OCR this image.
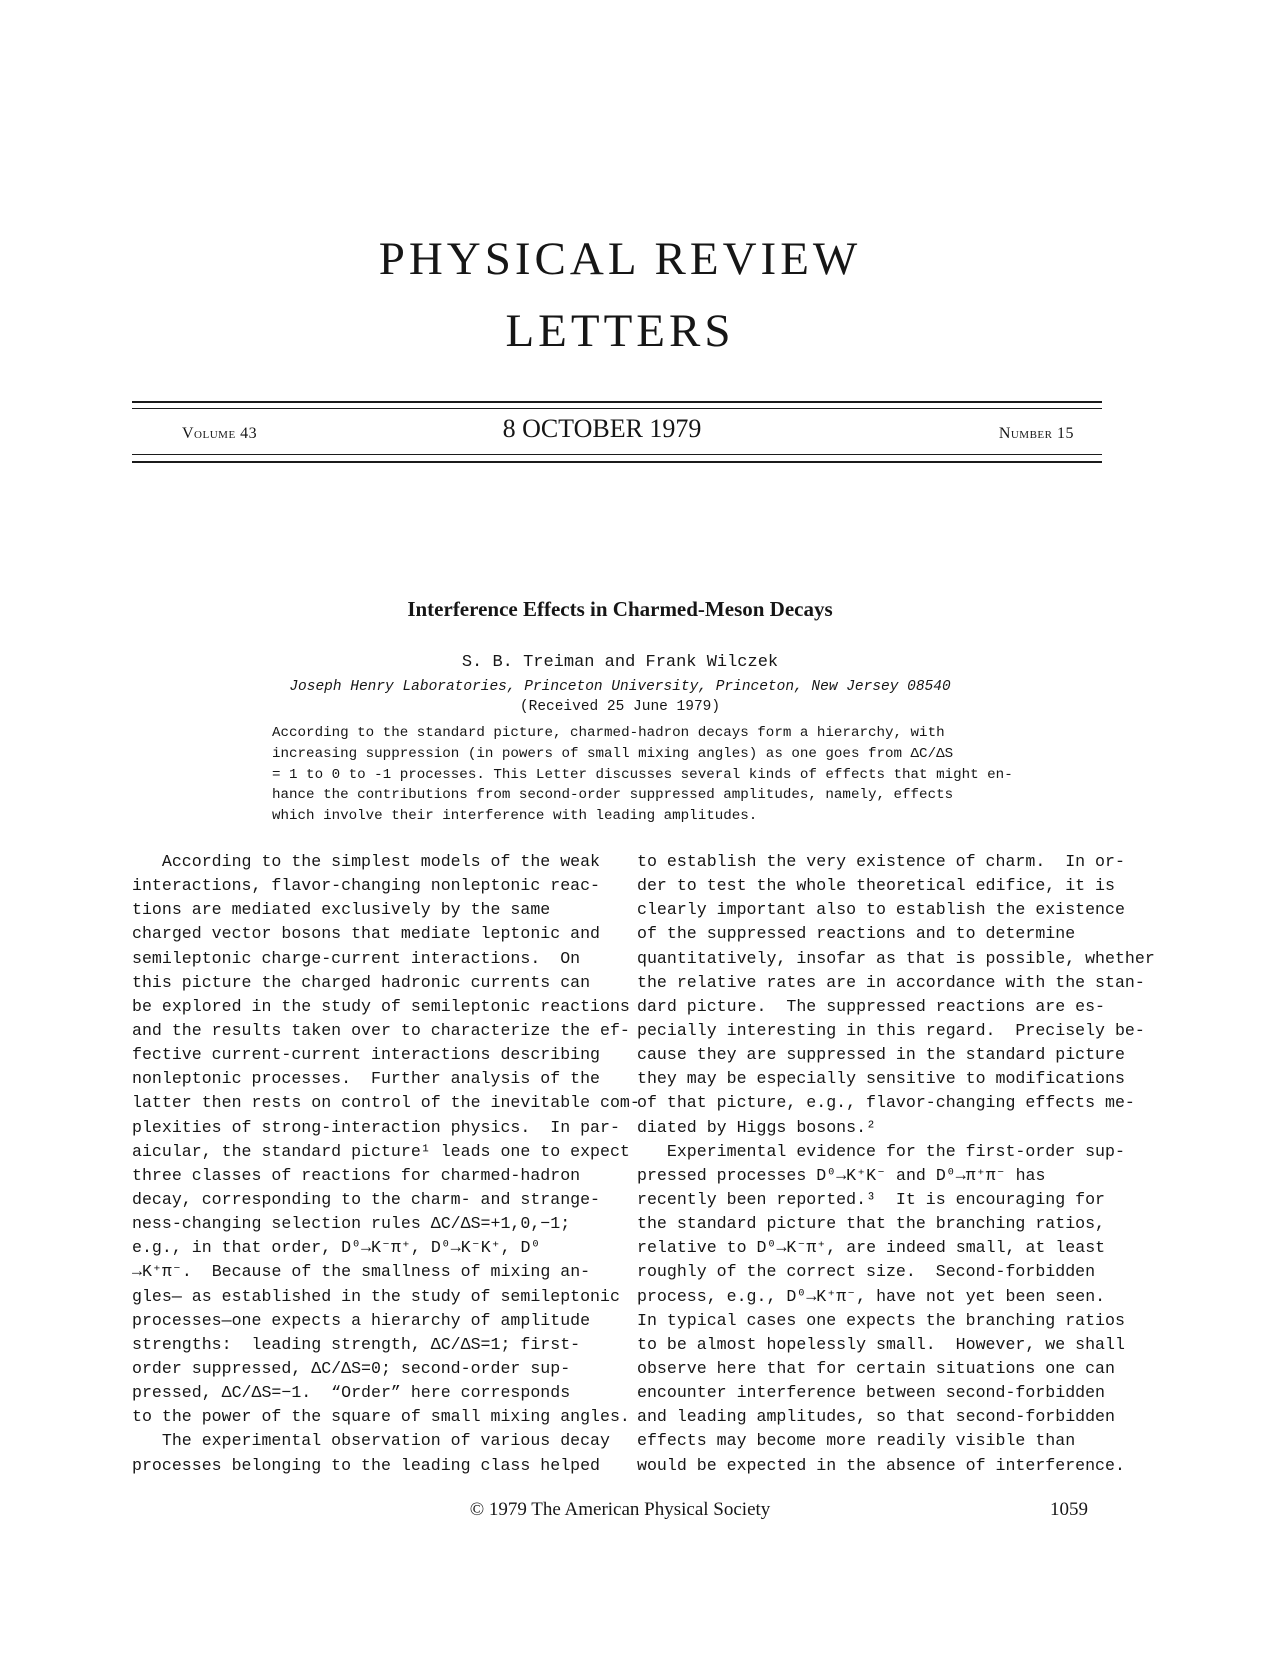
PHYSICAL REVIEW
LETTERS
Volume 43	8 OCTOBER 1979	Number 15
Interference Effects in Charmed-Meson Decays
S. B. Treiman and Frank Wilczek
Joseph Henry Laboratories, Princeton University, Princeton, New Jersey 08540
(Received 25 June 1979)
According to the standard picture, charmed-hadron decays form a hierarchy, with
increasing suppression (in powers of small mixing angles) as one goes from ΔC/ΔS
= 1 to 0 to -1 processes. This Letter discusses several kinds of effects that might en-
hance the contributions from second-order suppressed amplitudes, namely, effects
which involve their interference with leading amplitudes.
According to the simplest models of the weak
interactions, flavor-changing nonleptonic reac-
tions are mediated exclusively by the same
charged vector bosons that mediate leptonic and
semileptonic charge-current interactions.  On
this picture the charged hadronic currents can
be explored in the study of semileptonic reactions
and the results taken over to characterize the ef-
fective current-current interactions describing
nonleptonic processes.  Further analysis of the
latter then rests on control of the inevitable com-
plexities of strong-interaction physics.  In par-
aicular, the standard picture¹ leads one to expect
three classes of reactions for charmed-hadron
decay, corresponding to the charm- and strange-
ness-changing selection rules ΔC/ΔS=+1,0,−1;
e.g., in that order, D⁰→K⁻π⁺, D⁰→K⁻K⁺, D⁰
→K⁺π⁻.  Because of the smallness of mixing an-
gles— as established in the study of semileptonic
processes—one expects a hierarchy of amplitude
strengths:  leading strength, ΔC/ΔS=1; first-
order suppressed, ΔC/ΔS=0; second-order sup-
pressed, ΔC/ΔS=−1.  “Order” here corresponds
to the power of the square of small mixing angles.
The experimental observation of various decay
processes belonging to the leading class helped
to establish the very existence of charm.  In or-
der to test the whole theoretical edifice, it is
clearly important also to establish the existence
of the suppressed reactions and to determine
quantitatively, insofar as that is possible, whether
the relative rates are in accordance with the stan-
dard picture.  The suppressed reactions are es-
pecially interesting in this regard.  Precisely be-
cause they are suppressed in the standard picture
they may be especially sensitive to modifications
of that picture, e.g., flavor-changing effects me-
diated by Higgs bosons.²
Experimental evidence for the first-order sup-
pressed processes D⁰→K⁺K⁻ and D⁰→π⁺π⁻ has
recently been reported.³  It is encouraging for
the standard picture that the branching ratios,
relative to D⁰→K⁻π⁺, are indeed small, at least
roughly of the correct size.  Second-forbidden
process, e.g., D⁰→K⁺π⁻, have not yet been seen.
In typical cases one expects the branching ratios
to be almost hopelessly small.  However, we shall
observe here that for certain situations one can
encounter interference between second-forbidden
and leading amplitudes, so that second-forbidden
effects may become more readily visible than
would be expected in the absence of interference.
© 1979 The American Physical Society	1059
